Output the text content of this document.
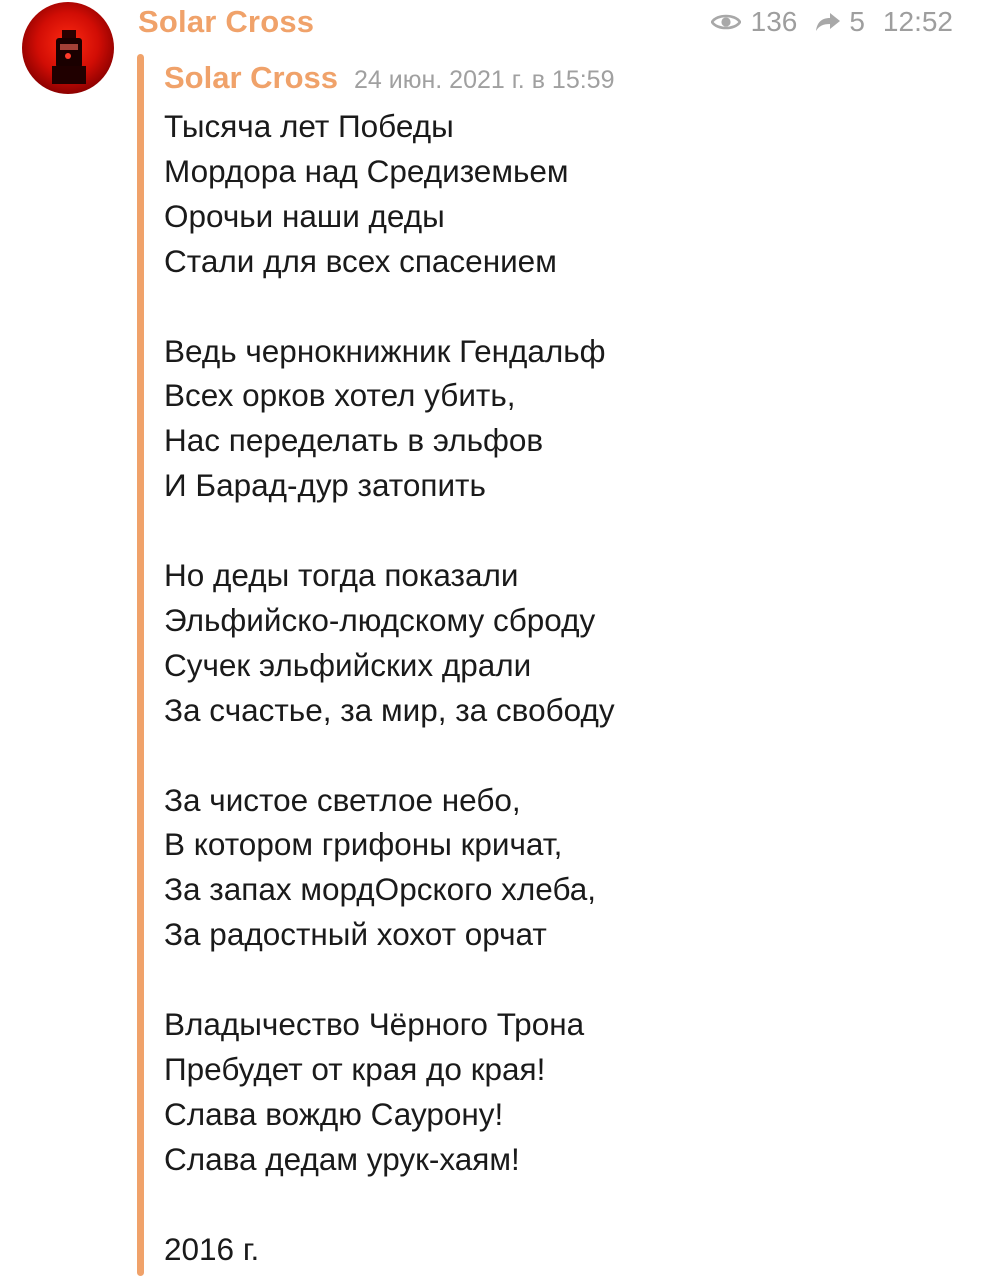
Solar Cross	136 5 12:52
Solar Cross 24 июн. 2021 г. в 15:59
Тысяча лет Победы
Мордора над Средиземьем
Орочьи наши деды
Стали для всех спасением
Ведь чернокнижник Гендальф
Всех орков хотел убить,
Нас переделать в эльфов
И Барад-дур затопить
Но деды тогда показали
Эльфийско-людскому сброду
Сучек эльфийских драли
За счастье, за мир, за свободу
За чистое светлое небо,
В котором грифоны кричат,
За запах мордОрского хлеба,
За радостный хохот орчат
Владычество Чёрного Трона
Пребудет от края до края!
Слава вождю Саурону!
Слава дедам урук-хаям!
2016 г.
